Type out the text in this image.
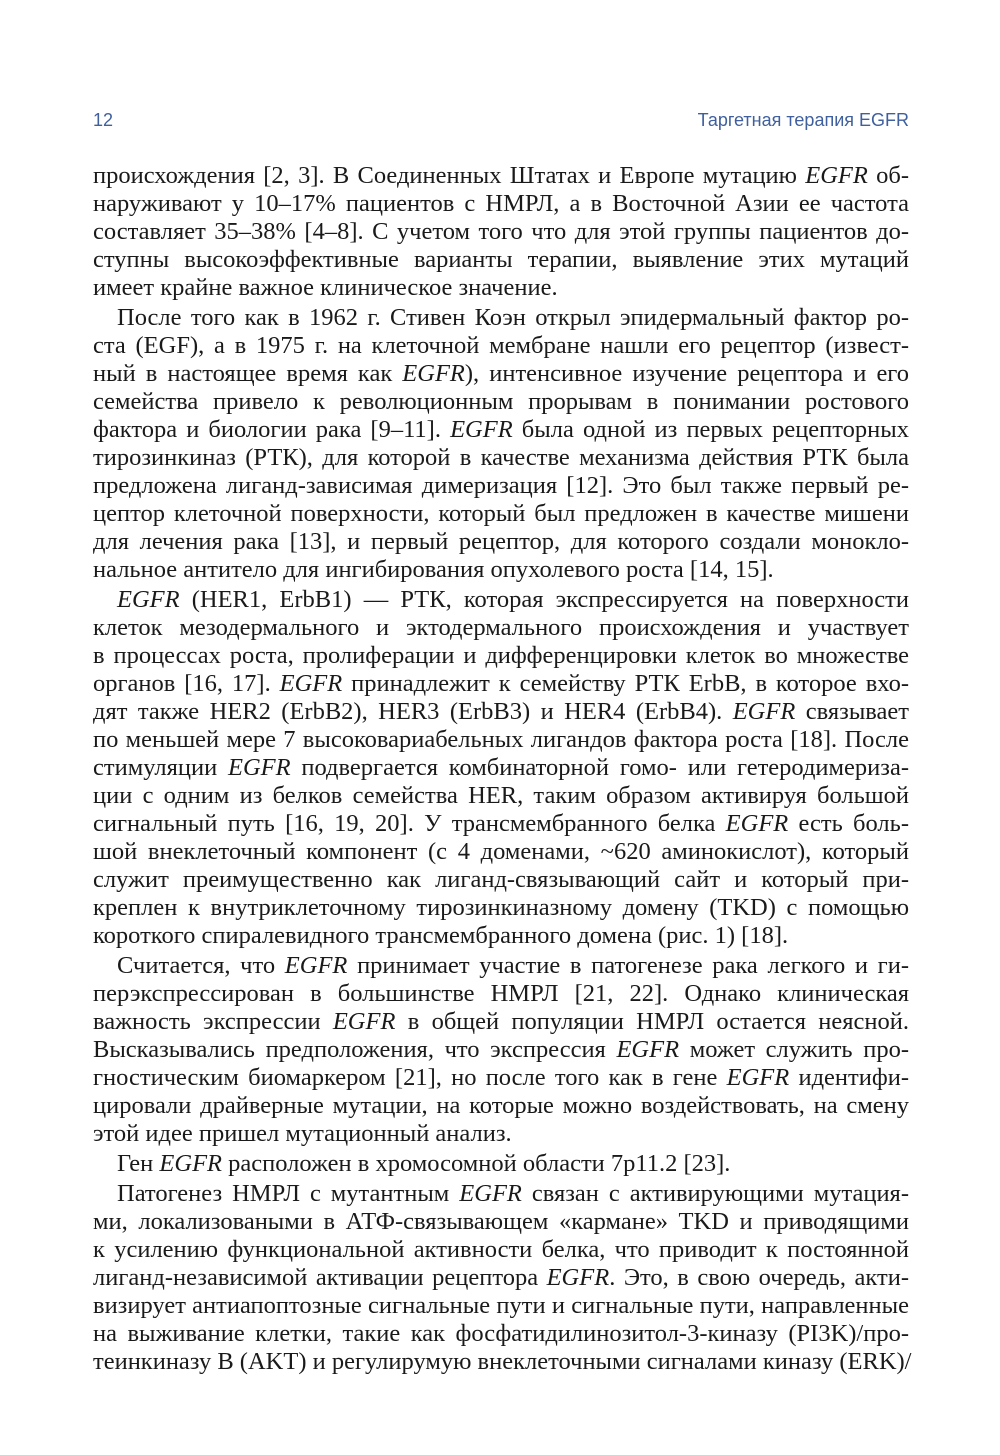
12	Таргетная терапия EGFR
происхождения [2, 3]. В Соединенных Штатах и Европе мутацию EGFR об-
наруживают у 10–17% пациентов с НМРЛ, а в Восточной Азии ее частота
составляет 35–38% [4–8]. С учетом того что для этой группы пациентов до-
ступны высокоэффективные варианты терапии, выявление этих мутаций
имеет крайне важное клиническое значение.
После того как в 1962 г. Стивен Коэн открыл эпидермальный фактор ро-
ста (EGF), а в 1975 г. на клеточной мембране нашли его рецептор (извест-
ный в настоящее время как EGFR), интенсивное изучение рецептора и его
семейства привело к революционным прорывам в понимании ростового
фактора и биологии рака [9–11]. EGFR была одной из первых рецепторных
тирозинкиназ (РТК), для которой в качестве механизма действия РТК была
предложена лиганд-зависимая димеризация [12]. Это был также первый ре-
цептор клеточной поверхности, который был предложен в качестве мишени
для лечения рака [13], и первый рецептор, для которого создали монокло-
нальное антитело для ингибирования опухолевого роста [14, 15].
EGFR (HER1, ErbB1) — РТК, которая экспрессируется на поверхности
клеток мезодермального и эктодермального происхождения и участвует
в процессах роста, пролиферации и дифференцировки клеток во множестве
органов [16, 17]. EGFR принадлежит к семейству РТК ErbB, в которое вхо-
дят также HER2 (ErbB2), HER3 (ErbB3) и HER4 (ErbB4). EGFR связывает
по меньшей мере 7 высоковариабельных лигандов фактора роста [18]. После
стимуляции EGFR подвергается комбинаторной гомо- или гетеродимериза-
ции с одним из белков семейства HER, таким образом активируя большой
сигнальный путь [16, 19, 20]. У трансмембранного белка EGFR есть боль-
шой внеклеточный компонент (с 4 доменами, ~620 аминокислот), который
служит преимущественно как лиганд-связывающий сайт и который при-
креплен к внутриклеточному тирозинкиназному домену (TKD) с помощью
короткого спиралевидного трансмембранного домена (рис. 1) [18].
Считается, что EGFR принимает участие в патогенезе рака легкого и ги-
перэкспрессирован в большинстве НМРЛ [21, 22]. Однако клиническая
важность экспрессии EGFR в общей популяции НМРЛ остается неясной.
Высказывались предположения, что экспрессия EGFR может служить про-
гностическим биомаркером [21], но после того как в гене EGFR идентифи-
цировали драйверные мутации, на которые можно воздействовать, на смену
этой идее пришел мутационный анализ.
Ген EGFR расположен в хромосомной области 7p11.2 [23].
Патогенез НМРЛ с мутантным EGFR связан с активирующими мутация-
ми, локализоваными в АТФ-связывающем «кармане» TKD и приводящими
к усилению функциональной активности белка, что приводит к постоянной
лиганд-независимой активации рецептора EGFR. Это, в свою очередь, акти-
визирует антиапоптозные сигнальные пути и сигнальные пути, направленные
на выживание клетки, такие как фосфатидилинозитол-3-киназу (PI3K)/про-
теинкиназу B (AKT) и регулирумую внеклеточными сигналами киназу (ERK)/
